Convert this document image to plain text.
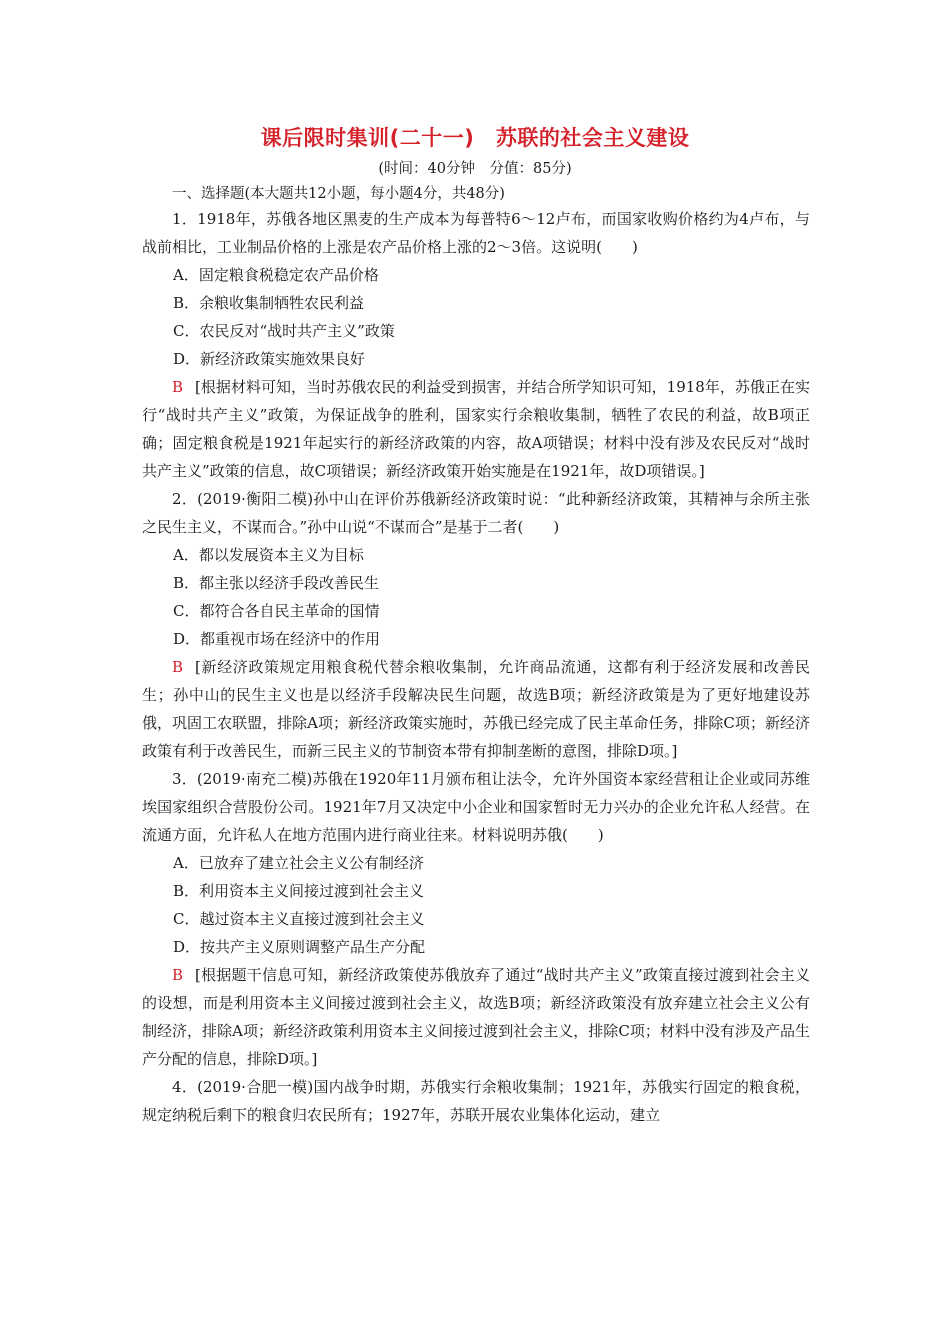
课后限时集训(二十一)　苏联的社会主义建设
(时间：40分钟　分值：85分)
一、选择题(本大题共12小题，每小题4分，共48分)

1．1918年，苏俄各地区黑麦的生产成本为每普特6～12卢布，而国家收购价格约为4卢布，与战前相比，工业制品价格的上涨是农产品价格上涨的2～3倍。这说明(　　)

A．固定粮食税稳定农产品价格

B．余粮收集制牺牲农民利益

C．农民反对“战时共产主义”政策

D．新经济政策实施效果良好

B [根据材料可知，当时苏俄农民的利益受到损害，并结合所学知识可知，1918年，苏俄正在实行“战时共产主义”政策，为保证战争的胜利，国家实行余粮收集制，牺牲了农民的利益，故B项正确；固定粮食税是1921年起实行的新经济政策的内容，故A项错误；材料中没有涉及农民反对“战时共产主义”政策的信息，故C项错误；新经济政策开始实施是在1921年，故D项错误。]

2．(2019·衡阳二模)孙中山在评价苏俄新经济政策时说：“此种新经济政策，其精神与余所主张之民生主义，不谋而合。”孙中山说“不谋而合”是基于二者(　　)

A．都以发展资本主义为目标

B．都主张以经济手段改善民生

C．都符合各自民主革命的国情

D．都重视市场在经济中的作用

B [新经济政策规定用粮食税代替余粮收集制，允许商品流通，这都有利于经济发展和改善民生；孙中山的民生主义也是以经济手段解决民生问题，故选B项；新经济政策是为了更好地建设苏俄，巩固工农联盟，排除A项；新经济政策实施时，苏俄已经完成了民主革命任务，排除C项；新经济政策有利于改善民生，而新三民主义的节制资本带有抑制垄断的意图，排除D项。]

3．(2019·南充二模)苏俄在1920年11月颁布租让法令，允许外国资本家经营租让企业或同苏维埃国家组织合营股份公司。1921年7月又决定中小企业和国家暂时无力兴办的企业允许私人经营。在流通方面，允许私人在地方范围内进行商业往来。材料说明苏俄(　　)

A．已放弃了建立社会主义公有制经济

B．利用资本主义间接过渡到社会主义

C．越过资本主义直接过渡到社会主义

D．按共产主义原则调整产品生产分配

B [根据题干信息可知，新经济政策使苏俄放弃了通过“战时共产主义”政策直接过渡到社会主义的设想，而是利用资本主义间接过渡到社会主义，故选B项；新经济政策没有放弃建立社会主义公有制经济，排除A项；新经济政策利用资本主义间接过渡到社会主义，排除C项；材料中没有涉及产品生产分配的信息，排除D项。]

4．(2019·合肥一模)国内战争时期，苏俄实行余粮收集制；1921年，苏俄实行固定的粮食税，规定纳税后剩下的粮食归农民所有；1927年，苏联开展农业集体化运动，建立
